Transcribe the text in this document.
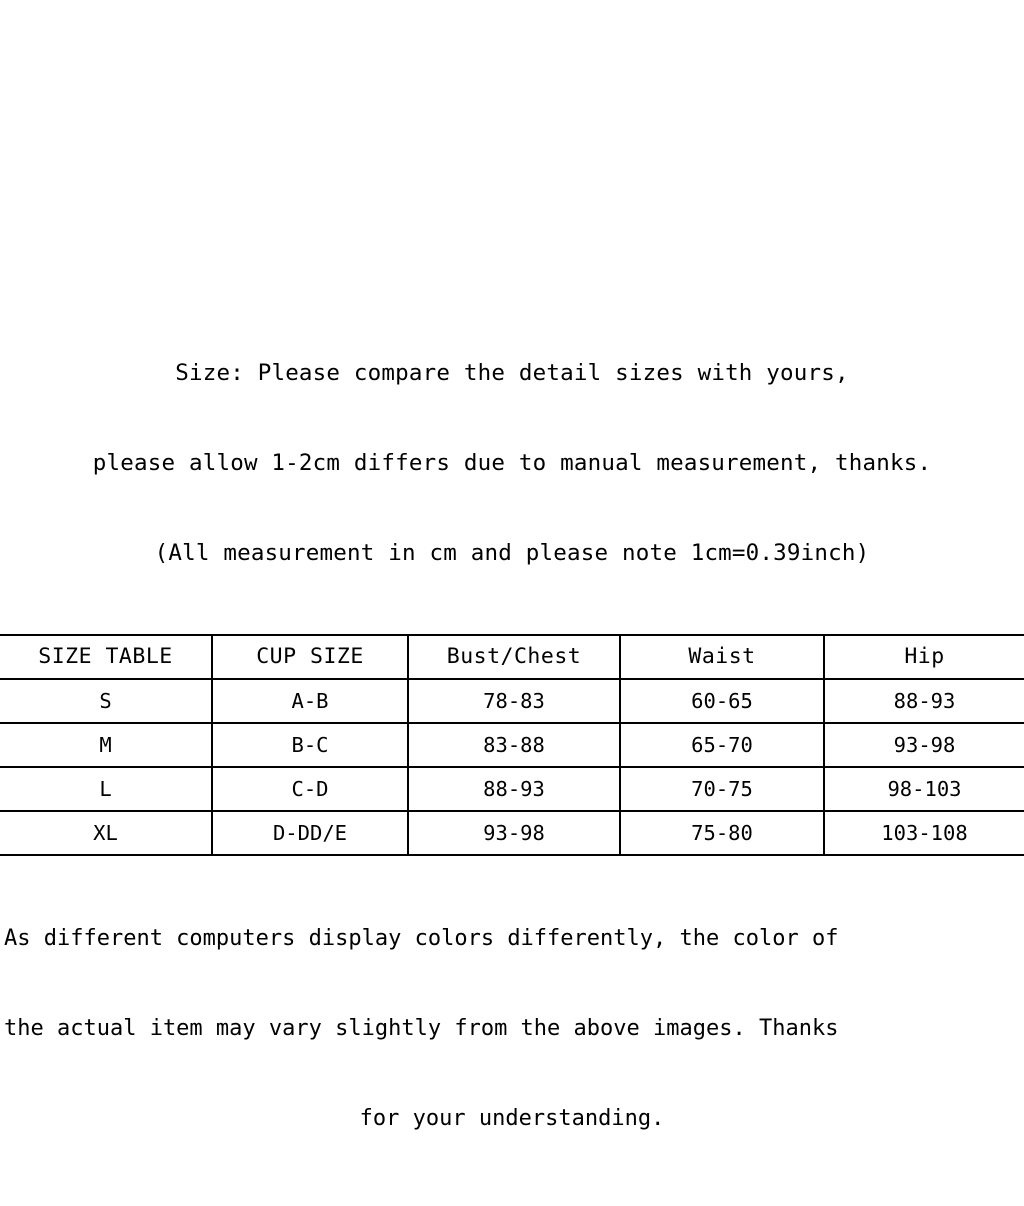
Size: Please compare the detail sizes with yours,

please allow 1-2cm differs due to manual measurement, thanks.

(All measurement in cm and please note 1cm=0.39inch)

SIZE TABLE	CUP SIZE	Bust/Chest	Waist	Hip
S	A-B	78-83	60-65	88-93
M	B-C	83-88	65-70	93-98
L	C-D	88-93	70-75	98-103
XL	D-DD/E	93-98	75-80	103-108

As different computers display colors differently, the color of

the actual item may vary slightly from the above images. Thanks

for your understanding.
